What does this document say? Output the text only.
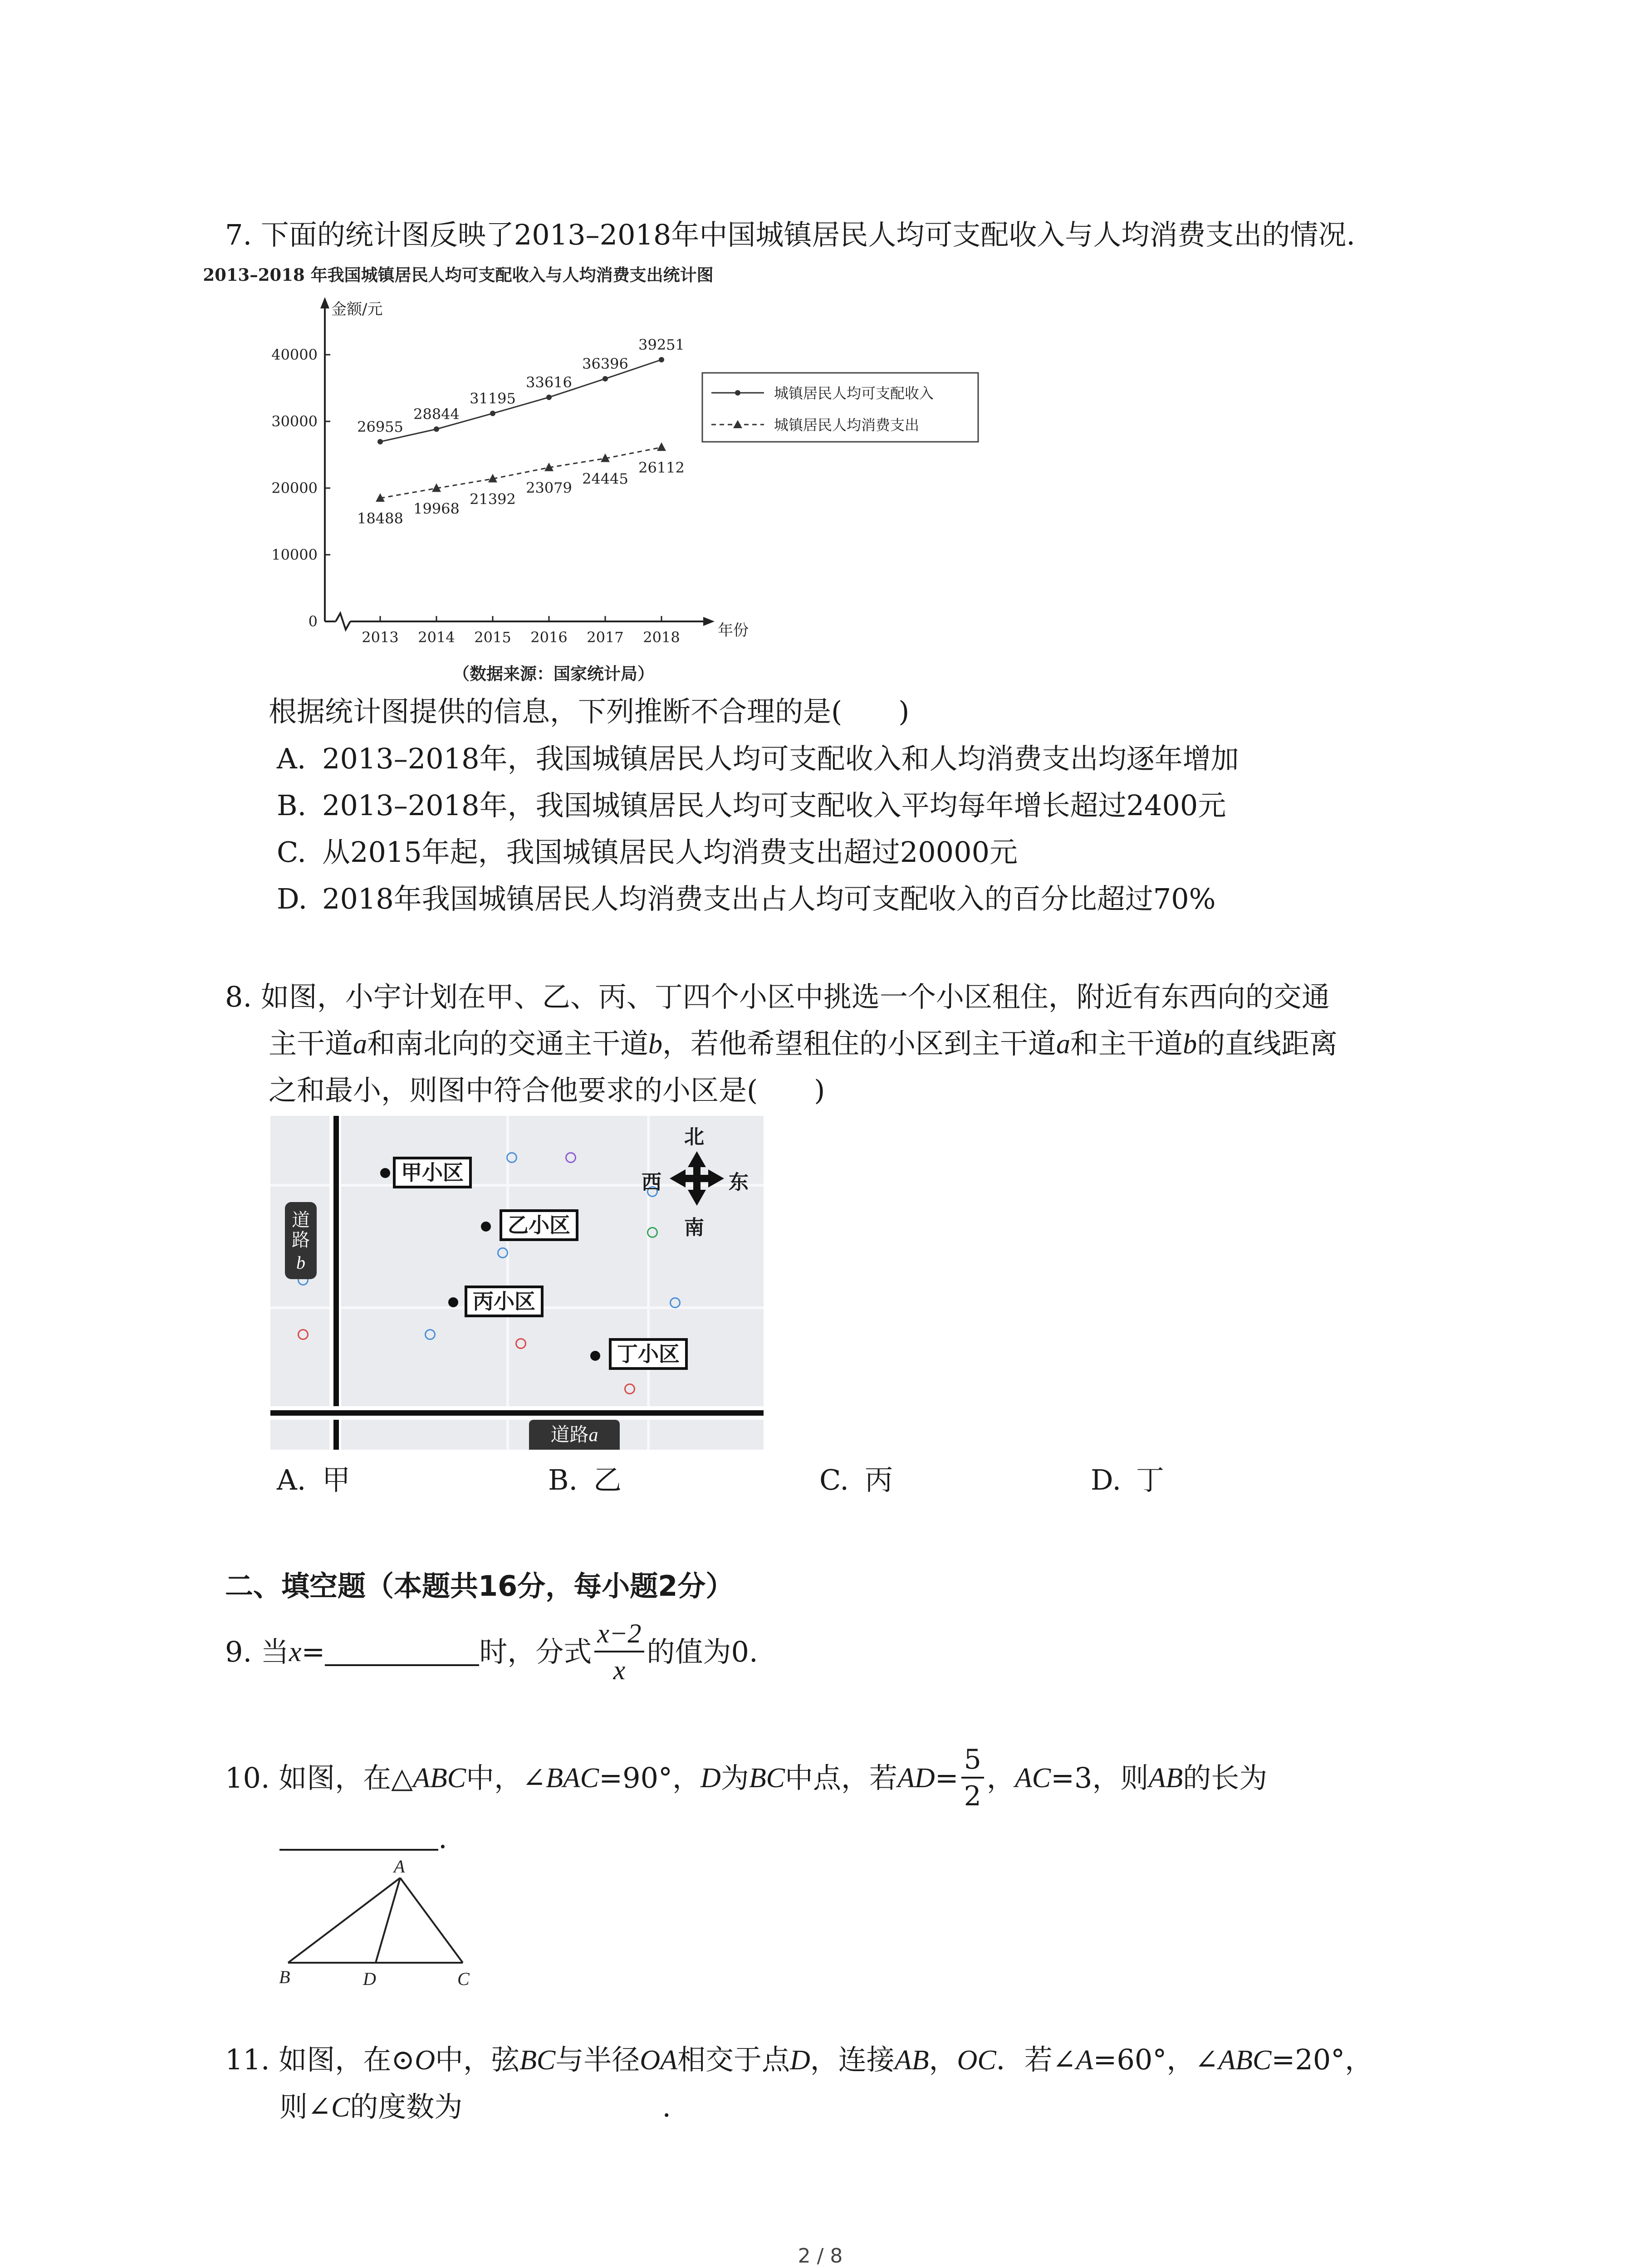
7. 下面的统计图反映了2013–2018年中国城镇居民人均可支配收入与人均消费支出的情况.
2013–2018 年我国城镇居民人均可支配收入与人均消费支出统计图
金额/元
年份
（数据来源：国家统计局）
0
10000
20000
30000
40000
2013 2014 2015 2016 2017 2018
26955
28844
31195
33616
36396
39251
18488
19968
21392
23079
24445
26112
城镇居民人均可支配收入
城镇居民人均消费支出
根据统计图提供的信息，下列推断不合理的是(　　)
A. 2013–2018年，我国城镇居民人均可支配收入和人均消费支出均逐年增加
B. 2013–2018年，我国城镇居民人均可支配收入平均每年增长超过2400元
C. 从2015年起，我国城镇居民人均消费支出超过20000元
D. 2018年我国城镇居民人均消费支出占人均可支配收入的百分比超过70%
8. 如图，小宇计划在甲、乙、丙、丁四个小区中挑选一个小区租住，附近有东西向的交通
主干道a和南北向的交通主干道b，若他希望租住的小区到主干道a和主干道b的直线距离
之和最小，则图中符合他要求的小区是(　　)
道路
b
道路a
北
南
西	东
甲小区
乙小区
丙小区
丁小区
A. 甲	B. 乙	C. 丙	D. 丁
二、填空题（本题共16分，每小题2分）
9. 当 x =	时，分式 $\frac{x-2}{x}$ 的值为0.
10. 如图，在△ ABC 中，∠ BAC =90°， D 为 BC 中点，若 AD = $\frac{5}{2}$ ， AC =3，则 AB 的长为
.
A
B	D	C
11. 如图，在⊙O中，弦BC与半径OA相交于点D，连接AB，OC．若∠A=60°，∠ABC=20°，
则∠C的度数为	.
2 / 8
